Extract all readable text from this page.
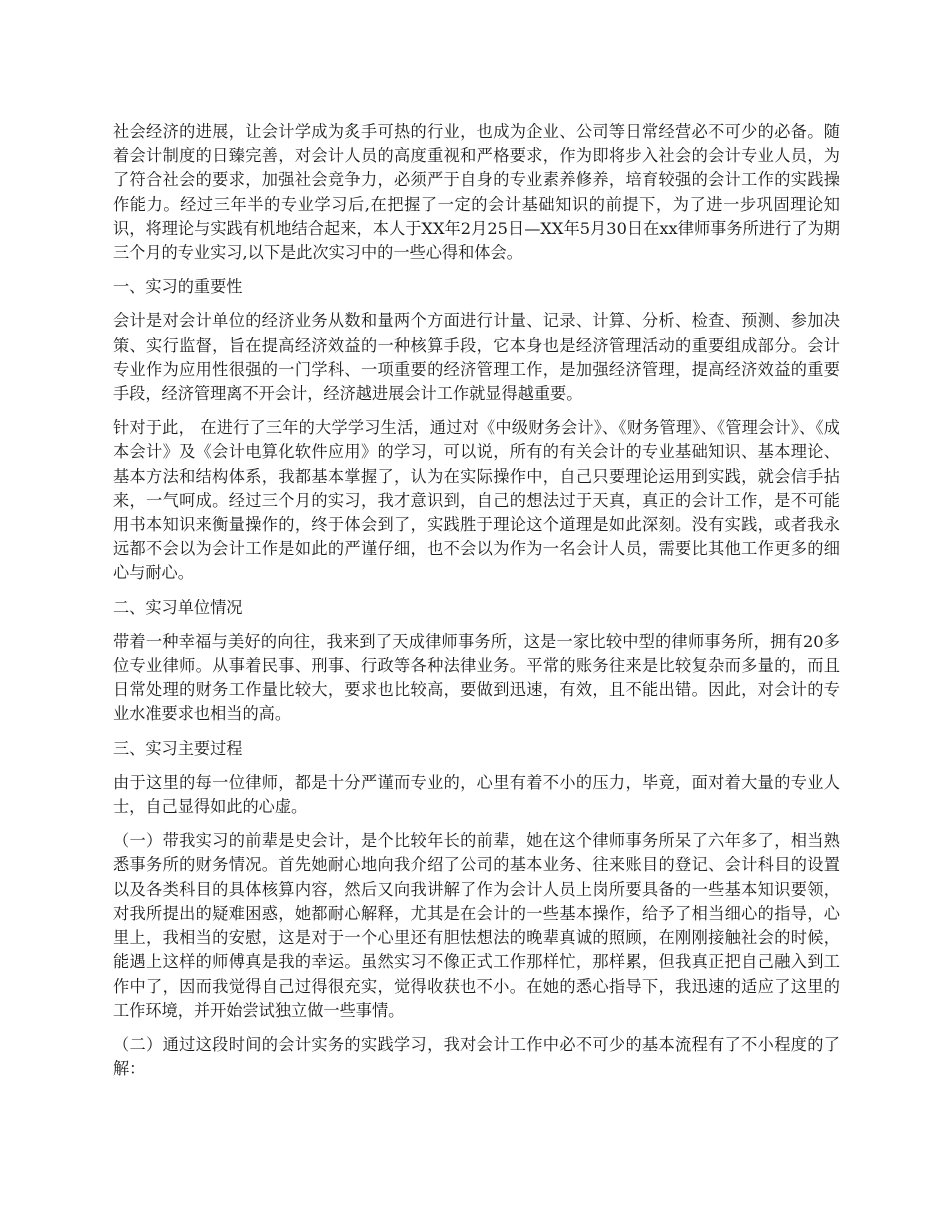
社会经济的进展，让会计学成为炙手可热的行业，也成为企业、公司等日常经营必不可少的必备。随着会计制度的日臻完善，对会计人员的高度重视和严格要求，作为即将步入社会的会计专业人员，为了符合社会的要求，加强社会竞争力，必须严于自身的专业素养修养，培育较强的会计工作的实践操作能力。经过三年半的专业学习后,在把握了一定的会计基础知识的前提下，为了进一步巩固理论知识，将理论与实践有机地结合起来，本人于XX年2月25日—XX年5月30日在xx律师事务所进行了为期三个月的专业实习,以下是此次实习中的一些心得和体会。

一、实习的重要性

会计是对会计单位的经济业务从数和量两个方面进行计量、记录、计算、分析、检查、预测、参加决策、实行监督，旨在提高经济效益的一种核算手段，它本身也是经济管理活动的重要组成部分。会计专业作为应用性很强的一门学科、一项重要的经济管理工作，是加强经济管理，提高经济效益的重要手段，经济管理离不开会计，经济越进展会计工作就显得越重要。

针对于此， 在进行了三年的大学学习生活，通过对《中级财务会计》、《财务管理》、《管理会计》、《成本会计》及《会计电算化软件应用》的学习，可以说，所有的有关会计的专业基础知识、基本理论、基本方法和结构体系，我都基本掌握了，认为在实际操作中，自己只要理论运用到实践，就会信手拈来，一气呵成。经过三个月的实习，我才意识到，自己的想法过于天真，真正的会计工作，是不可能用书本知识来衡量操作的，终于体会到了，实践胜于理论这个道理是如此深刻。没有实践，或者我永远都不会以为会计工作是如此的严谨仔细，也不会以为作为一名会计人员，需要比其他工作更多的细心与耐心。

二、实习单位情况

带着一种幸福与美好的向往，我来到了天成律师事务所，这是一家比较中型的律师事务所，拥有20多位专业律师。从事着民事、刑事、行政等各种法律业务。平常的账务往来是比较复杂而多量的，而且日常处理的财务工作量比较大，要求也比较高，要做到迅速，有效，且不能出错。因此，对会计的专业水准要求也相当的高。

三、实习主要过程

由于这里的每一位律师，都是十分严谨而专业的，心里有着不小的压力，毕竟，面对着大量的专业人士，自己显得如此的心虚。

（一）带我实习的前辈是史会计，是个比较年长的前辈，她在这个律师事务所呆了六年多了，相当熟悉事务所的财务情况。首先她耐心地向我介绍了公司的基本业务、往来账目的登记、会计科目的设置以及各类科目的具体核算内容，然后又向我讲解了作为会计人员上岗所要具备的一些基本知识要领，对我所提出的疑难困惑，她都耐心解释，尤其是在会计的一些基本操作，给予了相当细心的指导，心里上，我相当的安慰，这是对于一个心里还有胆怯想法的晚辈真诚的照顾，在刚刚接触社会的时候，能遇上这样的师傅真是我的幸运。虽然实习不像正式工作那样忙，那样累，但我真正把自己融入到工作中了，因而我觉得自己过得很充实，觉得收获也不小。在她的悉心指导下，我迅速的适应了这里的工作环境，并开始尝试独立做一些事情。

（二）通过这段时间的会计实务的实践学习，我对会计工作中必不可少的基本流程有了不小程度的了解：
